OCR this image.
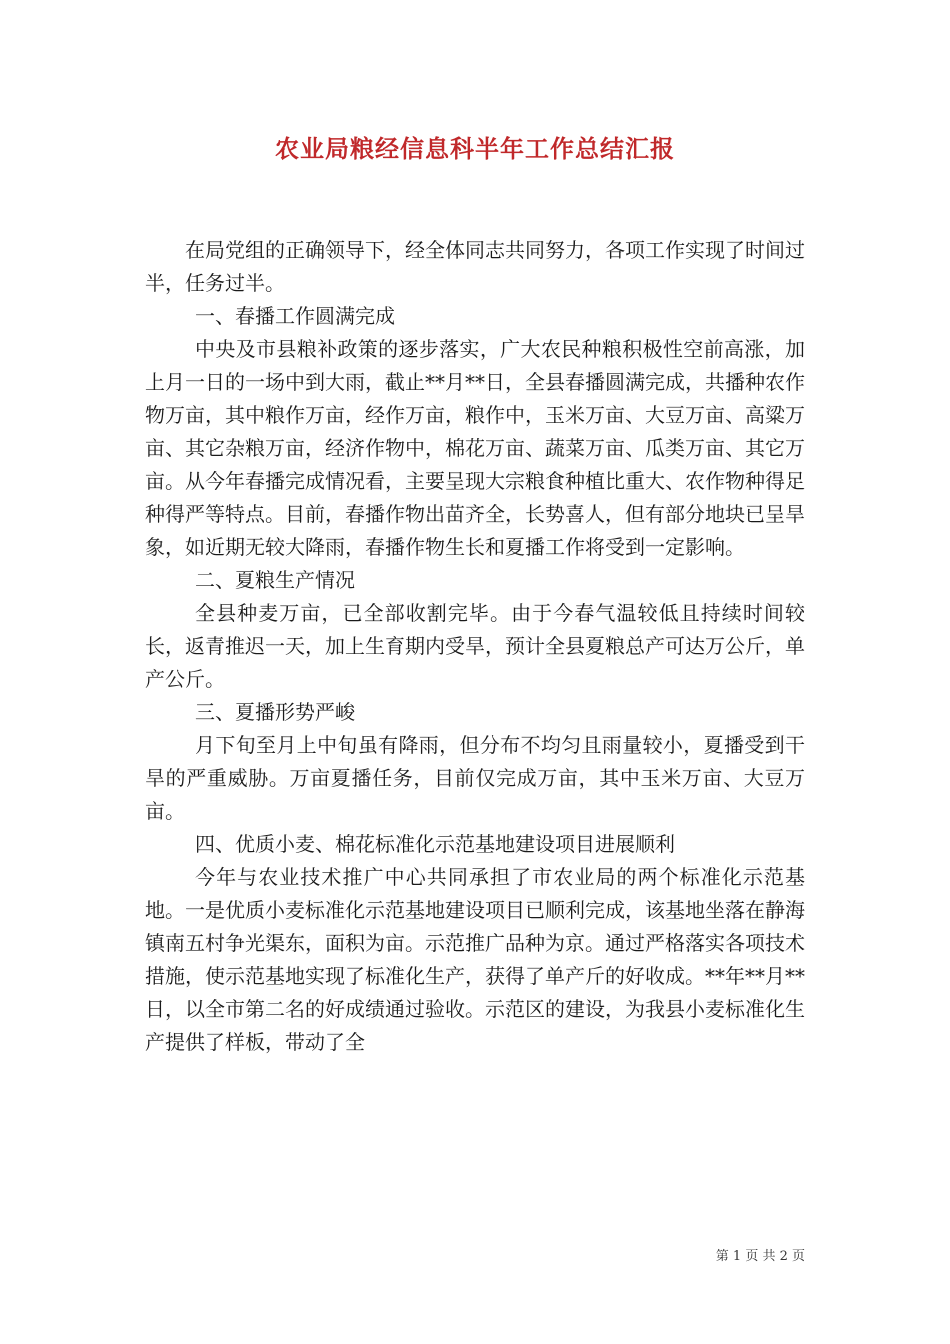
农业局粮经信息科半年工作总结汇报

在局党组的正确领导下，经全体同志共同努力，各项工作实现了时间过半，任务过半。

一、春播工作圆满完成

中央及市县粮补政策的逐步落实，广大农民种粮积极性空前高涨，加上月一日的一场中到大雨，截止**月**日，全县春播圆满完成，共播种农作物万亩，其中粮作万亩，经作万亩，粮作中，玉米万亩、大豆万亩、高粱万亩、其它杂粮万亩，经济作物中，棉花万亩、蔬菜万亩、瓜类万亩、其它万亩。从今年春播完成情况看，主要呈现大宗粮食种植比重大、农作物种得足种得严等特点。目前，春播作物出苗齐全，长势喜人，但有部分地块已呈旱象，如近期无较大降雨，春播作物生长和夏播工作将受到一定影响。

二、夏粮生产情况

全县种麦万亩，已全部收割完毕。由于今春气温较低且持续时间较长，返青推迟一天，加上生育期内受旱，预计全县夏粮总产可达万公斤，单产公斤。

三、夏播形势严峻

月下旬至月上中旬虽有降雨，但分布不均匀且雨量较小，夏播受到干旱的严重威胁。万亩夏播任务，目前仅完成万亩，其中玉米万亩、大豆万亩。

四、优质小麦、棉花标准化示范基地建设项目进展顺利

今年与农业技术推广中心共同承担了市农业局的两个标准化示范基地。一是优质小麦标准化示范基地建设项目已顺利完成，该基地坐落在静海镇南五村争光渠东，面积为亩。示范推广品种为京。通过严格落实各项技术措施，使示范基地实现了标准化生产，获得了单产斤的好收成。**年**月**日，以全市第二名的好成绩通过验收。示范区的建设，为我县小麦标准化生产提供了样板，带动了全

第 1 页 共 2 页
